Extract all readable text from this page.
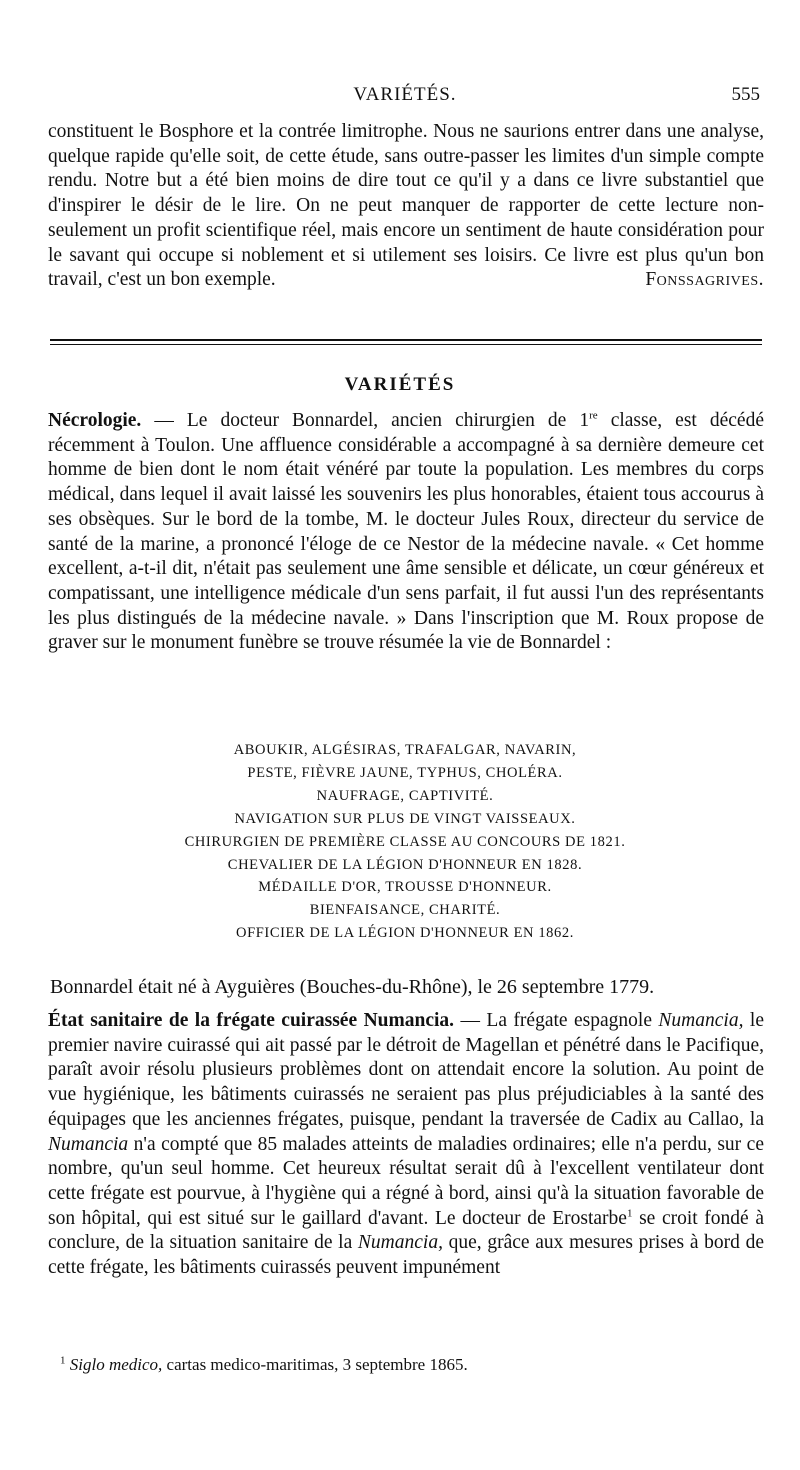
VARIÉTÉS.	555
constituent le Bosphore et la contrée limitrophe. Nous ne saurions entrer dans une analyse, quelque rapide qu'elle soit, de cette étude, sans outre-passer les limites d'un simple compte rendu. Notre but a été bien moins de dire tout ce qu'il y a dans ce livre substantiel que d'inspirer le désir de le lire. On ne peut manquer de rapporter de cette lecture non-seulement un profit scientifique réel, mais encore un sentiment de haute considération pour le savant qui occupe si noblement et si utilement ses loisirs. Ce livre est plus qu'un bon travail, c'est un bon exemple.	Fonssagrives.
VARIÉTÉS
Nécrologie. — Le docteur Bonnardel, ancien chirurgien de 1re classe, est décédé récemment à Toulon. Une affluence considérable a accompagné à sa dernière demeure cet homme de bien dont le nom était vénéré par toute la population. Les membres du corps médical, dans lequel il avait laissé les souvenirs les plus honorables, étaient tous accourus à ses obsèques. Sur le bord de la tombe, M. le docteur Jules Roux, directeur du service de santé de la marine, a prononcé l'éloge de ce Nestor de la médecine navale. « Cet homme excellent, a-t-il dit, n'était pas seulement une âme sensible et délicate, un cœur généreux et compatissant, une intelligence médicale d'un sens parfait, il fut aussi l'un des représentants les plus distingués de la médecine navale. » Dans l'inscription que M. Roux propose de graver sur le monument funèbre se trouve résumée la vie de Bonnardel :
ABOUKIR, ALGÉSIRAS, TRAFALGAR, NAVARIN,
PESTE, FIÈVRE JAUNE, TYPHUS, CHOLÉRA.
NAUFRAGE, CAPTIVITÉ.
NAVIGATION SUR PLUS DE VINGT VAISSEAUX.
CHIRURGIEN DE PREMIÈRE CLASSE AU CONCOURS DE 1821.
CHEVALIER DE LA LÉGION D'HONNEUR EN 1828.
MÉDAILLE D'OR, TROUSSE D'HONNEUR.
BIENFAISANCE, CHARITÉ.
OFFICIER DE LA LÉGION D'HONNEUR EN 1862.
Bonnardel était né à Ayguières (Bouches-du-Rhône), le 26 septembre 1779.
État sanitaire de la frégate cuirassée Numancia. — La frégate espagnole Numancia, le premier navire cuirassé qui ait passé par le détroit de Magellan et pénétré dans le Pacifique, paraît avoir résolu plusieurs problèmes dont on attendait encore la solution. Au point de vue hygiénique, les bâtiments cuirassés ne seraient pas plus préjudiciables à la santé des équipages que les anciennes frégates, puisque, pendant la traversée de Cadix au Callao, la Numancia n'a compté que 85 malades atteints de maladies ordinaires; elle n'a perdu, sur ce nombre, qu'un seul homme. Cet heureux résultat serait dû à l'excellent ventilateur dont cette frégate est pourvue, à l'hygiène qui a régné à bord, ainsi qu'à la situation favorable de son hôpital, qui est situé sur le gaillard d'avant. Le docteur de Erostarbe$^1$ se croit fondé à conclure, de la situation sanitaire de la Numancia, que, grâce aux mesures prises à bord de cette frégate, les bâtiments cuirassés peuvent impunément
$^1$ Siglo medico, cartas medico-maritimas, 3 septembre 1865.
